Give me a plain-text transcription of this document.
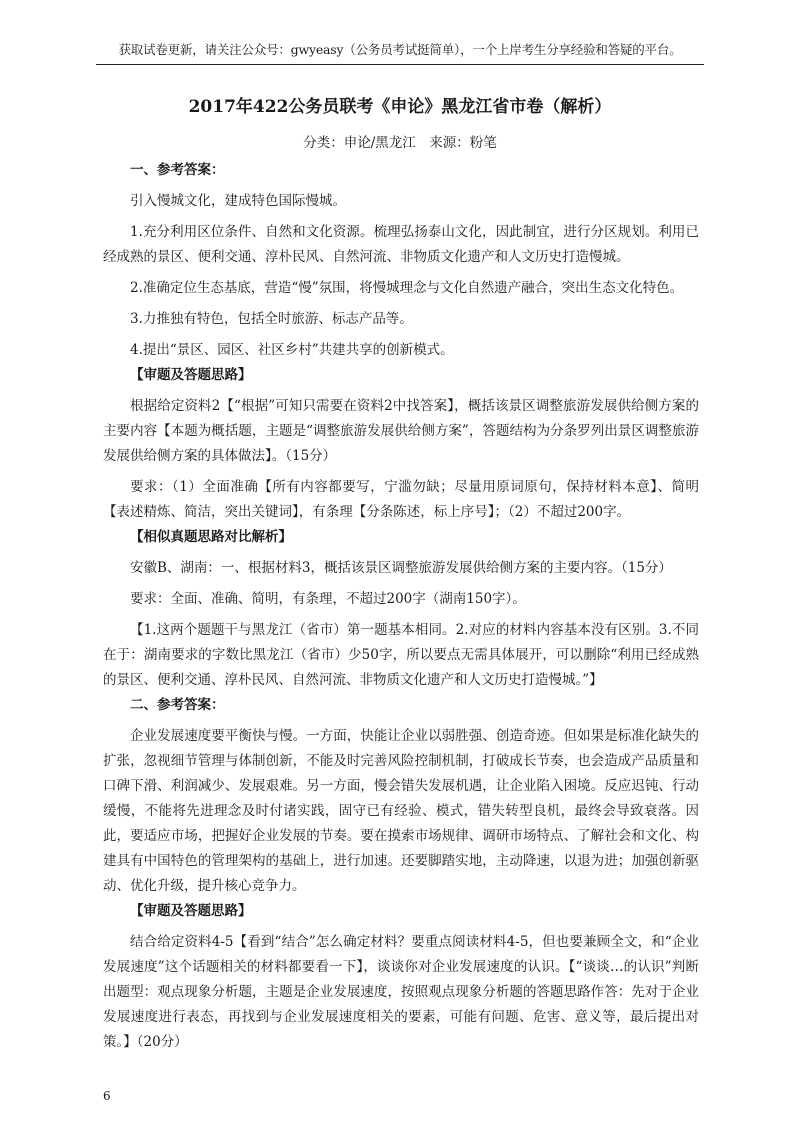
获取试卷更新，请关注公众号：gwyeasy（公务员考试挺简单），一个上岸考生分享经验和答疑的平台。
2017年422公务员联考《申论》黑龙江省市卷（解析）
分类：申论/黑龙江　来源：粉笔

一、参考答案：

引入慢城文化，建成特色国际慢城。

1.充分利用区位条件、自然和文化资源。梳理弘扬泰山文化，因此制宜，进行分区规划。利用已经成熟的景区、便利交通、淳朴民风、自然河流、非物质文化遗产和人文历史打造慢城。

2.准确定位生态基底，营造“慢”氛围，将慢城理念与文化自然遗产融合，突出生态文化特色。

3.力推独有特色，包括全时旅游、标志产品等。

4.提出“景区、园区、社区乡村”共建共享的创新模式。

【审题及答题思路】

根据给定资料2【“根据”可知只需要在资料2中找答案】，概括该景区调整旅游发展供给侧方案的主要内容【本题为概括题，主题是“调整旅游发展供给侧方案”，答题结构为分条罗列出景区调整旅游发展供给侧方案的具体做法】。（15分）

要求：（1）全面准确【所有内容都要写，宁滥勿缺；尽量用原词原句，保持材料本意】、简明【表述精炼、简洁，突出关键词】，有条理【分条陈述，标上序号】；（2）不超过200字。

【相似真题思路对比解析】

安徽B、湖南：一、根据材料3，概括该景区调整旅游发展供给侧方案的主要内容。（15分）

要求：全面、准确、简明，有条理，不超过200字（湖南150字）。

【1.这两个题题干与黑龙江（省市）第一题基本相同。2.对应的材料内容基本没有区别。3.不同在于：湖南要求的字数比黑龙江（省市）少50字，所以要点无需具体展开，可以删除“利用已经成熟的景区、便利交通、淳朴民风、自然河流、非物质文化遗产和人文历史打造慢城。”】

二、参考答案：

企业发展速度要平衡快与慢。一方面，快能让企业以弱胜强、创造奇迹。但如果是标准化缺失的扩张，忽视细节管理与体制创新，不能及时完善风险控制机制，打破成长节奏，也会造成产品质量和口碑下滑、利润减少、发展艰难。另一方面，慢会错失发展机遇，让企业陷入困境。反应迟钝、行动缓慢，不能将先进理念及时付诸实践，固守已有经验、模式，错失转型良机，最终会导致衰落。因此，要适应市场，把握好企业发展的节奏。要在摸索市场规律、调研市场特点、了解社会和文化、构建具有中国特色的管理架构的基础上，进行加速。还要脚踏实地，主动降速，以退为进；加强创新驱动、优化升级，提升核心竞争力。

【审题及答题思路】

结合给定资料4-5【看到“结合”怎么确定材料？要重点阅读材料4-5，但也要兼顾全文，和“企业发展速度”这个话题相关的材料都要看一下】，谈谈你对企业发展速度的认识。【“谈谈…的认识”判断出题型：观点现象分析题，主题是企业发展速度，按照观点现象分析题的答题思路作答：先对于企业发展速度进行表态，再找到与企业发展速度相关的要素，可能有问题、危害、意义等，最后提出对策。】（20分）

6
